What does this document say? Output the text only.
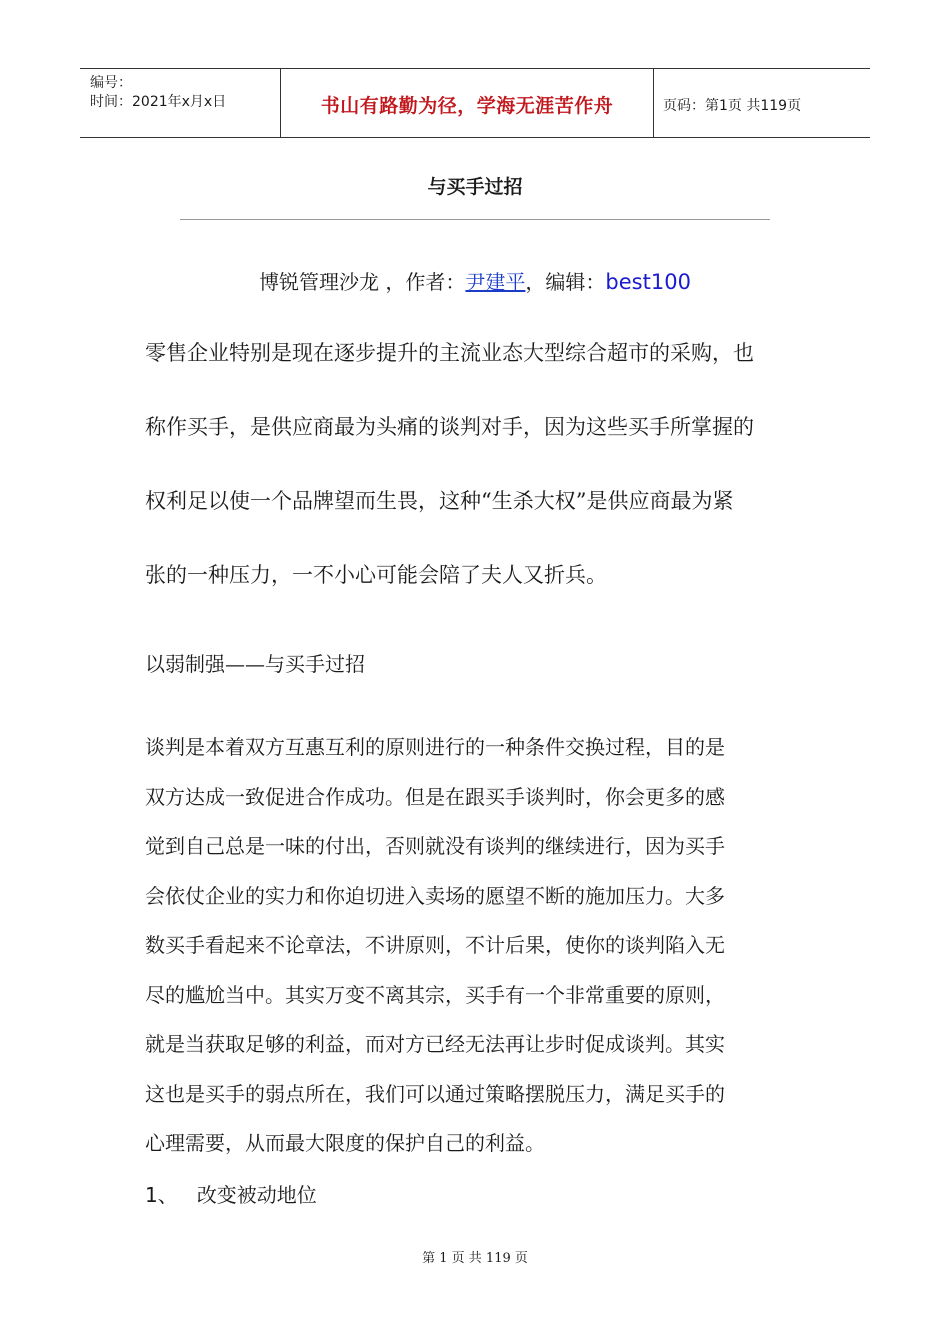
编号：
时间：2021年x月x日	书山有路勤为径，学海无涯苦作舟	页码：第1页 共119页
与买手过招
博锐管理沙龙 ，作者：尹建平，编辑：best100
零售企业特别是现在逐步提升的主流业态大型综合超市的采购，也
称作买手，是供应商最为头痛的谈判对手，因为这些买手所掌握的
权利足以使一个品牌望而生畏，这种“生杀大权”是供应商最为紧
张的一种压力，一不小心可能会陪了夫人又折兵。
以弱制强——与买手过招
谈判是本着双方互惠互利的原则进行的一种条件交换过程，目的是
双方达成一致促进合作成功。但是在跟买手谈判时，你会更多的感
觉到自己总是一味的付出，否则就没有谈判的继续进行，因为买手
会依仗企业的实力和你迫切进入卖场的愿望不断的施加压力。大多
数买手看起来不论章法，不讲原则，不计后果，使你的谈判陷入无
尽的尴尬当中。其实万变不离其宗，买手有一个非常重要的原则，
就是当获取足够的利益，而对方已经无法再让步时促成谈判。其实
这也是买手的弱点所在，我们可以通过策略摆脱压力，满足买手的
心理需要，从而最大限度的保护自己的利益。
1、 改变被动地位
第 1 页 共 119 页
